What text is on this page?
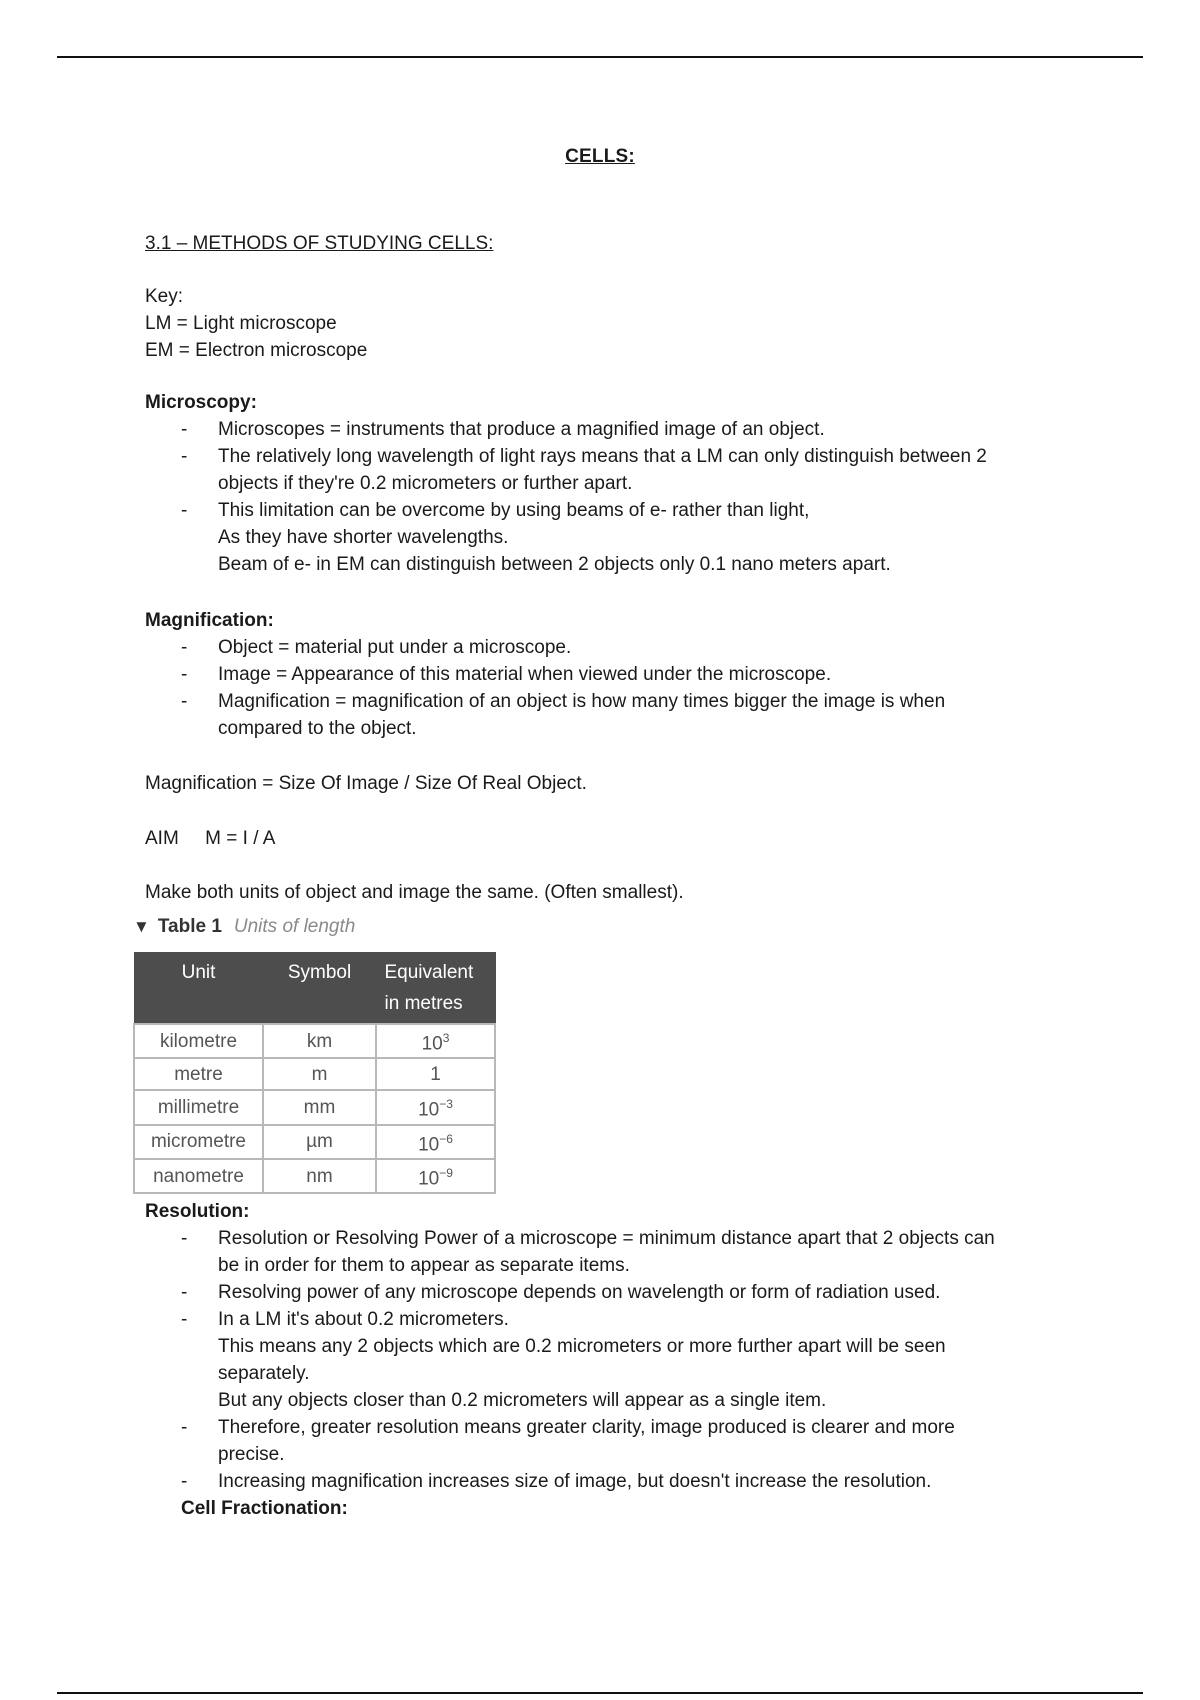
CELLS:
3.1 – METHODS OF STUDYING CELLS:
Key:
LM = Light microscope
EM = Electron microscope
Microscopy:
- Microscopes = instruments that produce a magnified image of an object.
- The relatively long wavelength of light rays means that a LM can only distinguish between 2
objects if they're 0.2 micrometers or further apart.
- This limitation can be overcome by using beams of e- rather than light,
As they have shorter wavelengths.
Beam of e- in EM can distinguish between 2 objects only 0.1 nano meters apart.
Magnification:
- Object = material put under a microscope.
- Image = Appearance of this material when viewed under the microscope.
- Magnification = magnification of an object is how many times bigger the image is when
compared to the object.
Magnification = Size Of Image / Size Of Real Object.
AIM     M = I / A
Make both units of object and image the same. (Often smallest).
▼ Table 1 Units of length
Unit	Symbol	Equivalent
in metres
kilometre	km	$10^3$
metre	m	1
millimetre	mm	$10^{-3}$
micrometre	µm	$10^{-6}$
nanometre	nm	$10^{-9}$
Resolution:
- Resolution or Resolving Power of a microscope = minimum distance apart that 2 objects can
be in order for them to appear as separate items.
- Resolving power of any microscope depends on wavelength or form of radiation used.
- In a LM it's about 0.2 micrometers.
This means any 2 objects which are 0.2 micrometers or more further apart will be seen
separately.
But any objects closer than 0.2 micrometers will appear as a single item.
- Therefore, greater resolution means greater clarity, image produced is clearer and more
precise.
- Increasing magnification increases size of image, but doesn't increase the resolution.
Cell Fractionation:
